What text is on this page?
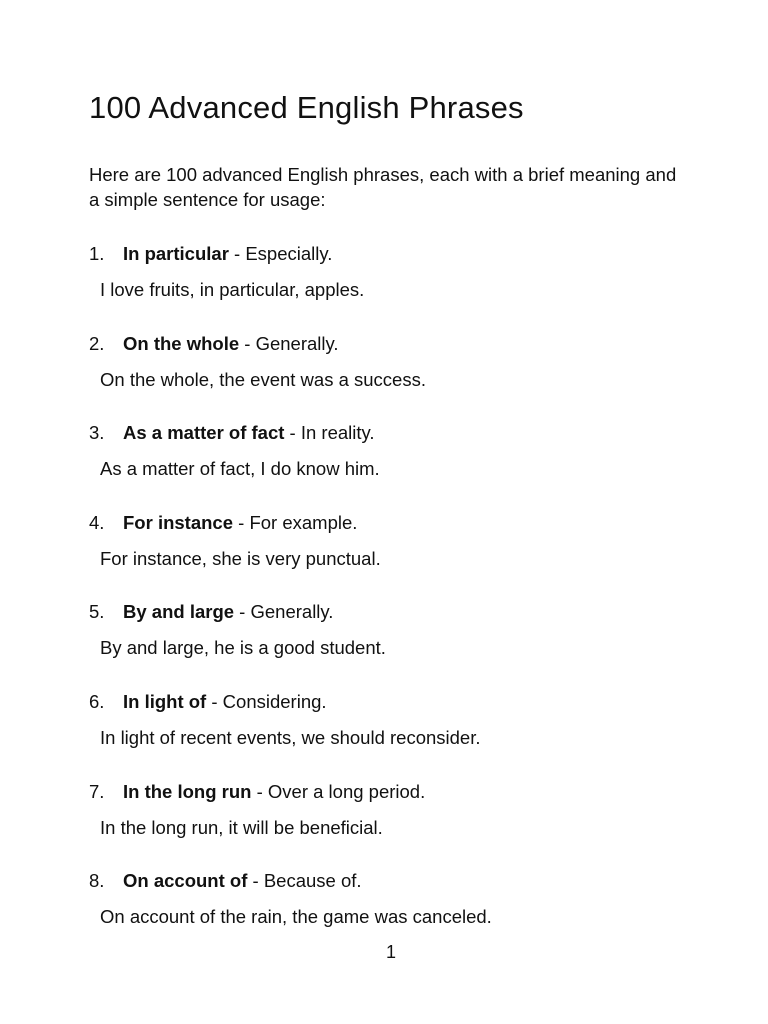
100 Advanced English Phrases

Here are 100 advanced English phrases, each with a brief meaning and a simple sentence for usage:

1. In particular - Especially.
I love fruits, in particular, apples.
2. On the whole - Generally.
On the whole, the event was a success.
3. As a matter of fact - In reality.
As a matter of fact, I do know him.
4. For instance - For example.
For instance, she is very punctual.
5. By and large - Generally.
By and large, he is a good student.
6. In light of - Considering.
In light of recent events, we should reconsider.
7. In the long run - Over a long period.
In the long run, it will be beneficial.
8. On account of - Because of.
On account of the rain, the game was canceled.
1
